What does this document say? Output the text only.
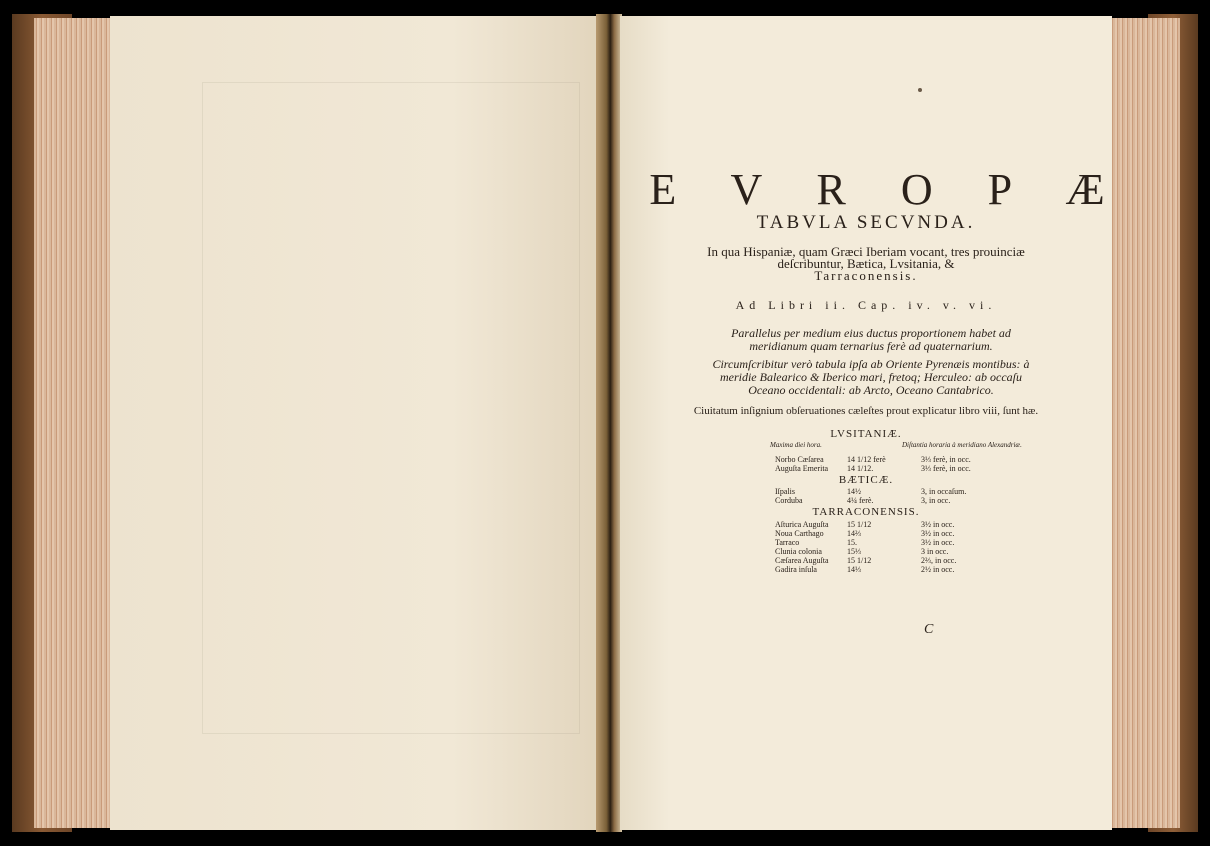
E V R O P Æ
TABVLA SECVNDA.
In qua Hispaniæ, quam Græci Iberiam vocant, tres prouinciæ
deſcribuntur, Bætica, Lvsitania, &
Tarraconensis.
Ad Libri ii. Cap. iv. v. vi.
Parallelus per medium eius ductus proportionem habet ad meridianum quam ternarius ferè ad quaternarium.
Circumſcribitur verò tabula ipſa ab Oriente Pyrenæis montibus: à meridie Balearico & Iberico mari, fretoq; Herculeo: ab occaſu Oceano occidentali: ab Arcto, Oceano Cantabrico.
Ciuitatum inſignium obſeruationes cæleſtes prout explicatur libro viii, ſunt hæ.
LVSITANIÆ.
Maxima diei hora.	Diſtantia horaria à meridiano Alexandriæ.
Norbo Cæſarea	14 1/12 ferè	3⅓ ferè, in occ.
Auguſta Emerita 14 1/12.	3⅓ ferè, in occ.
BÆTICÆ.
Iſpalis	14½	3, in occaſum.
Corduba	4¼ ferè.	3, in occ.
TARRACONENSIS.
Aſturica Auguſta 15 1/12	3½ in occ.
Noua Carthago	14⅔	3½ in occ.
Tarraco	15.	3½ in occ.
Clunia colonia	15⅓	3 in occ.
Cæſarea Auguſta 15 1/12	2⅔, in occ.
Gadira inſula	14⅓	2½ in occ.
C
